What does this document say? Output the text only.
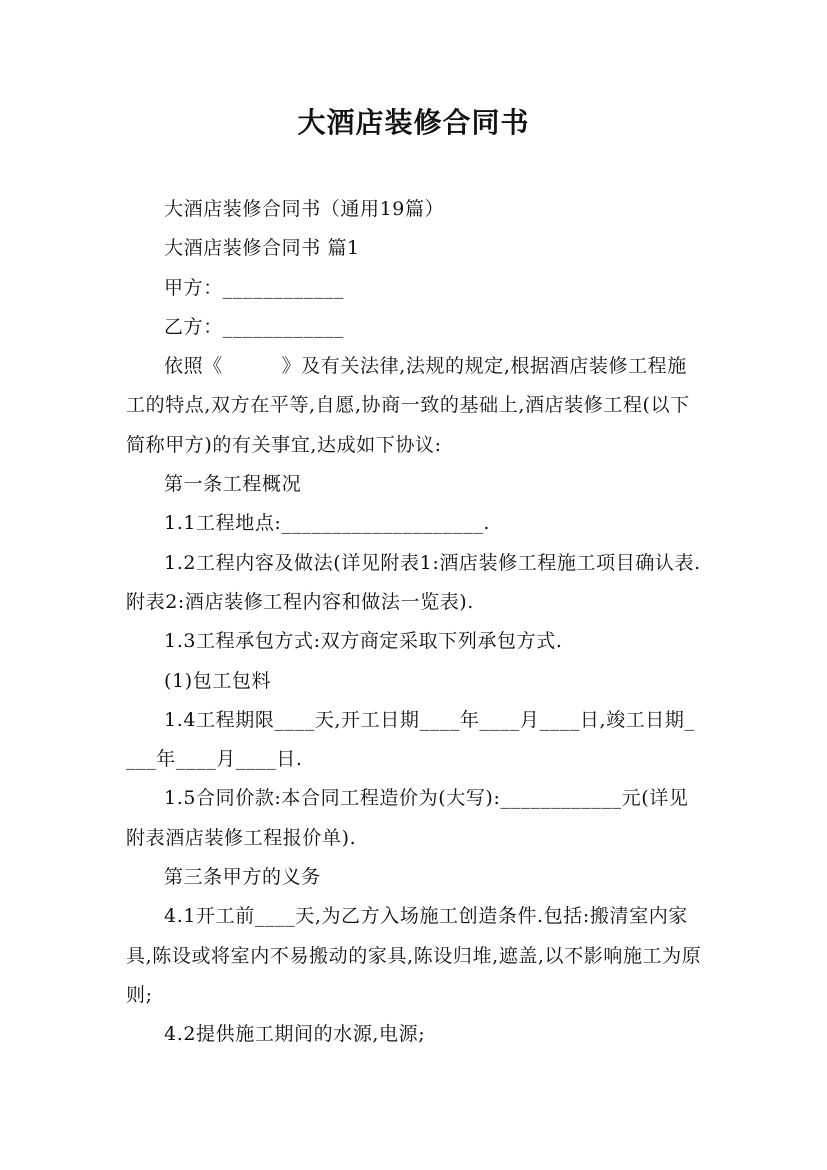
大酒店装修合同书

大酒店装修合同书（通用19篇）

大酒店装修合同书 篇1

甲方：____________

乙方：____________

依照《　　　》及有关法律,法规的规定,根据酒店装修工程施工的特点,双方在平等,自愿,协商一致的基础上,酒店装修工程(以下简称甲方)的有关事宜,达成如下协议:

第一条工程概况

1.1工程地点:____________________.

1.2工程内容及做法(详见附表1:酒店装修工程施工项目确认表.附表2:酒店装修工程内容和做法一览表).

1.3工程承包方式:双方商定采取下列承包方式.

(1)包工包料

1.4工程期限____天,开工日期____年____月____日,竣工日期____年____月____日.

1.5合同价款:本合同工程造价为(大写):____________元(详见附表酒店装修工程报价单).

第三条甲方的义务

4.1开工前____天,为乙方入场施工创造条件.包括:搬清室内家具,陈设或将室内不易搬动的家具,陈设归堆,遮盖,以不影响施工为原则;

4.2提供施工期间的水源,电源;
